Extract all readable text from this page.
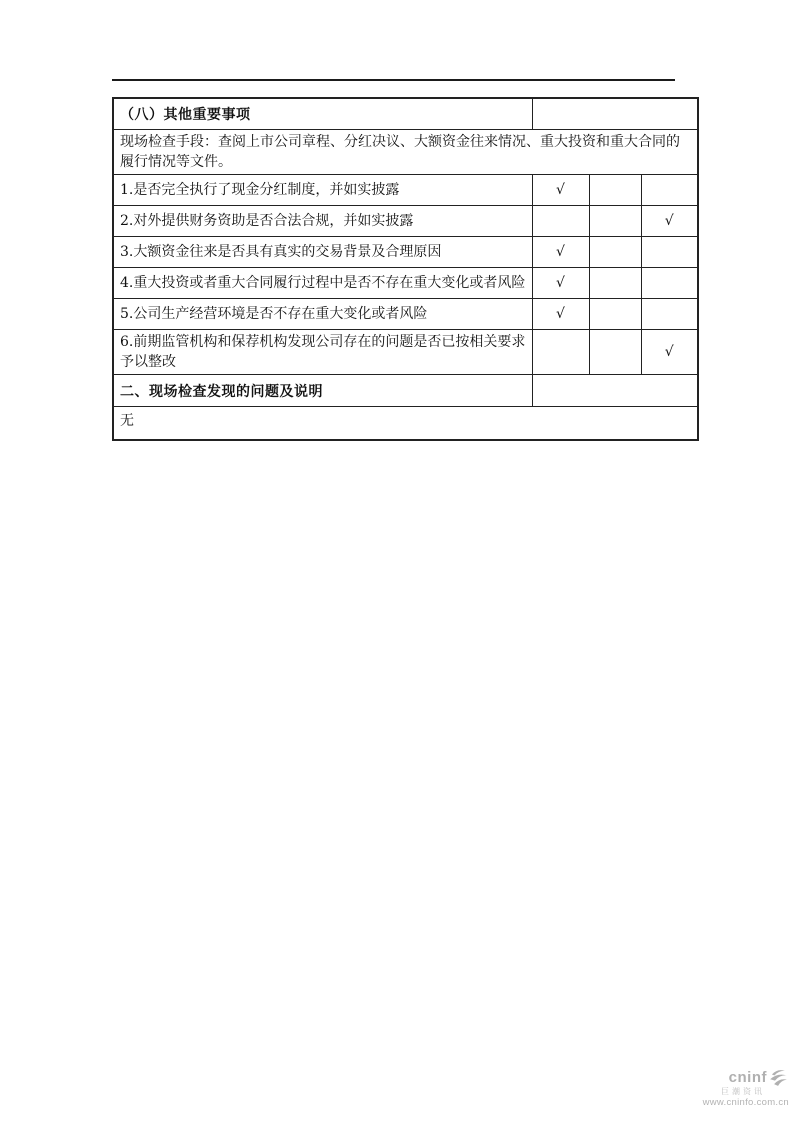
（八）其他重要事项			
现场检查手段：查阅上市公司章程、分红决议、大额资金往来情况、重大投资和重大合同的履行情况等文件。			
1.是否完全执行了现金分红制度，并如实披露	√		
2.对外提供财务资助是否合法合规，并如实披露			√
3.大额资金往来是否具有真实的交易背景及合理原因	√		
4.重大投资或者重大合同履行过程中是否不存在重大变化或者风险	√		
5.公司生产经营环境是否不存在重大变化或者风险	√		
6.前期监管机构和保荐机构发现公司存在的问题是否已按相关要求予以整改			√
二、现场检查发现的问题及说明			
无			
cninf
巨潮资讯
www.cninfo.com.cn
